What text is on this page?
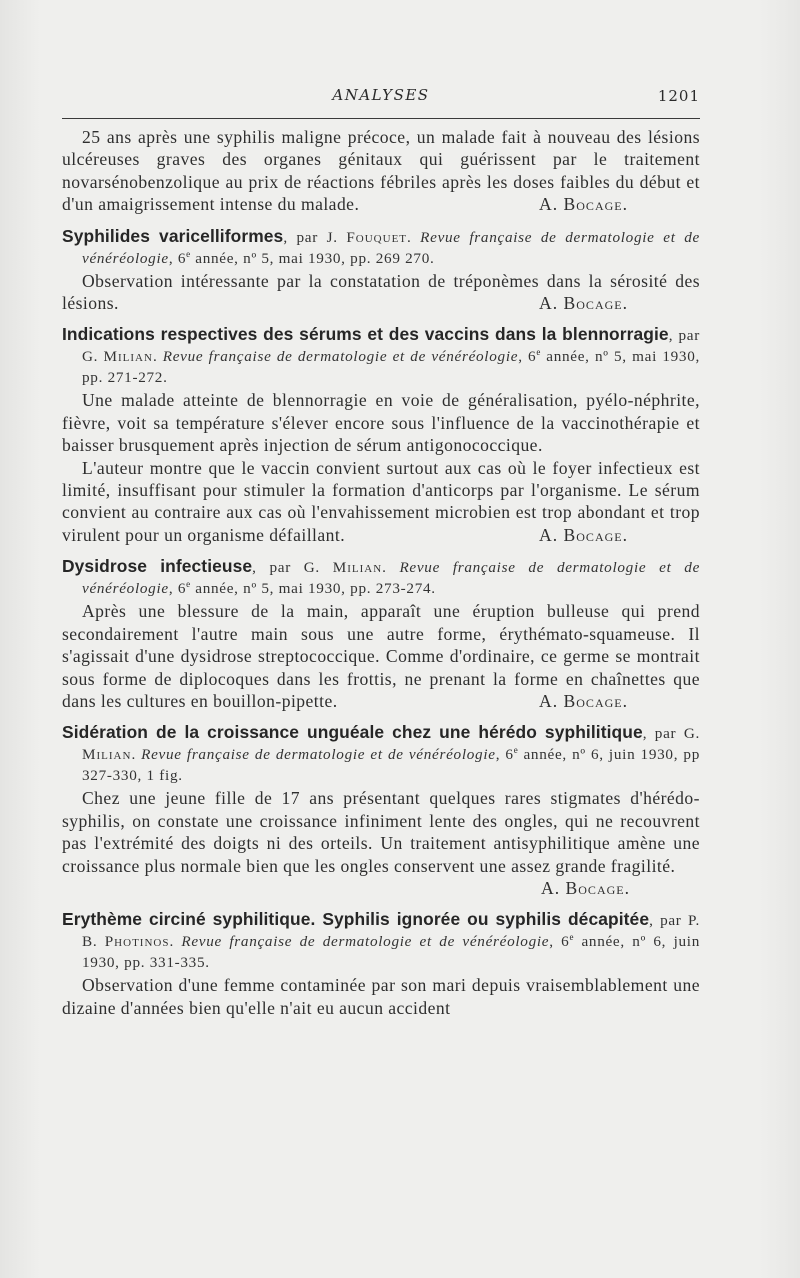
ANALYSES	1201

25 ans après une syphilis maligne précoce, un malade fait à nouveau des lésions ulcéreuses graves des organes génitaux qui guérissent par le traitement novarsénobenzolique au prix de réactions fébriles après les doses faibles du début et d'un amaigrissement intense du malade.	A. Bocage.

Syphilides varicelliformes, par J. Fouquet. Revue française de dermatologie et de vénéréologie, 6e année, nº 5, mai 1930, pp. 269 270.

Observation intéressante par la constatation de tréponèmes dans la sérosité des lésions.	A. Bocage.

Indications respectives des sérums et des vaccins dans la blennorragie, par G. Milian. Revue française de dermatologie et de vénéréologie, 6e année, nº 5, mai 1930, pp. 271-272.

Une malade atteinte de blennorragie en voie de généralisation, pyélo-néphrite, fièvre, voit sa température s'élever encore sous l'influence de la vaccinothérapie et baisser brusquement après injection de sérum antigonococcique.

L'auteur montre que le vaccin convient surtout aux cas où le foyer infectieux est limité, insuffisant pour stimuler la formation d'anticorps par l'organisme. Le sérum convient au contraire aux cas où l'envahissement microbien est trop abondant et trop virulent pour un organisme défaillant.	A. Bocage.

Dysidrose infectieuse, par G. Milian. Revue française de dermatologie et de vénéréologie, 6e année, nº 5, mai 1930, pp. 273-274.

Après une blessure de la main, apparaît une éruption bulleuse qui prend secondairement l'autre main sous une autre forme, érythémato-squameuse. Il s'agissait d'une dysidrose streptococcique. Comme d'ordinaire, ce germe se montrait sous forme de diplocoques dans les frottis, ne prenant la forme en chaînettes que dans les cultures en bouillon-pipette.	A. Bocage.

Sidération de la croissance unguéale chez une hérédo syphilitique, par G. Milian. Revue française de dermatologie et de vénéréologie, 6e année, nº 6, juin 1930, pp 327-330, 1 fig.

Chez une jeune fille de 17 ans présentant quelques rares stigmates d'hérédo-syphilis, on constate une croissance infiniment lente des ongles, qui ne recouvrent pas l'extrémité des doigts ni des orteils. Un traitement antisyphilitique amène une croissance plus normale bien que les ongles conservent une assez grande fragilité.

A. Bocage.

Erythème circiné syphilitique. Syphilis ignorée ou syphilis décapitée, par P. B. Photinos. Revue française de dermatologie et de vénéréologie, 6e année, nº 6, juin 1930, pp. 331-335.

Observation d'une femme contaminée par son mari depuis vraisemblablement une dizaine d'années bien qu'elle n'ait eu aucun accident
